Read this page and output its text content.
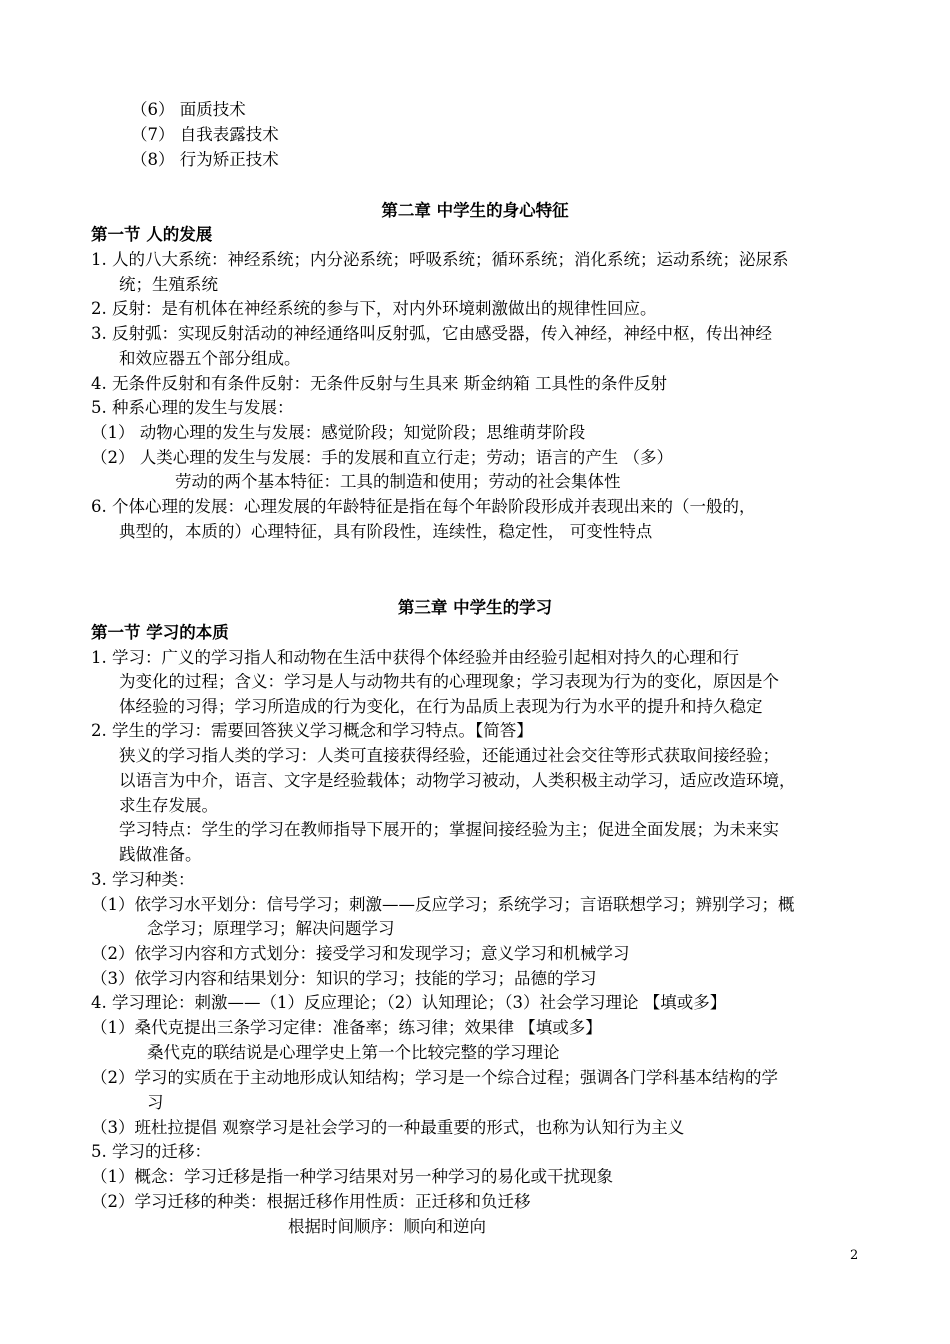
（6） 面质技术
（7） 自我表露技术
（8） 行为矫正技术
第二章 中学生的身心特征
第一节 人的发展
1. 人的八大系统：神经系统；内分泌系统；呼吸系统；循环系统；消化系统；运动系统；泌尿系
统；生殖系统
2. 反射：是有机体在神经系统的参与下，对内外环境刺激做出的规律性回应。
3. 反射弧：实现反射活动的神经通络叫反射弧，它由感受器，传入神经，神经中枢，传出神经
和效应器五个部分组成。
4. 无条件反射和有条件反射：无条件反射与生具来 斯金纳箱 工具性的条件反射
5. 种系心理的发生与发展：
（1） 动物心理的发生与发展：感觉阶段；知觉阶段；思维萌芽阶段
（2） 人类心理的发生与发展：手的发展和直立行走；劳动；语言的产生 （多）
劳动的两个基本特征：工具的制造和使用；劳动的社会集体性
6. 个体心理的发展：心理发展的年龄特征是指在每个年龄阶段形成并表现出来的（一般的，
典型的，本质的）心理特征，具有阶段性，连续性，稳定性， 可变性特点
第三章 中学生的学习
第一节 学习的本质
1. 学习：广义的学习指人和动物在生活中获得个体经验并由经验引起相对持久的心理和行
为变化的过程；含义：学习是人与动物共有的心理现象；学习表现为行为的变化，原因是个
体经验的习得；学习所造成的行为变化，在行为品质上表现为行为水平的提升和持久稳定
2. 学生的学习：需要回答狭义学习概念和学习特点。【简答】
狭义的学习指人类的学习：人类可直接获得经验，还能通过社会交往等形式获取间接经验；
以语言为中介，语言、文字是经验载体；动物学习被动，人类积极主动学习，适应改造环境，
求生存发展。
学习特点：学生的学习在教师指导下展开的；掌握间接经验为主；促进全面发展；为未来实
践做准备。
3. 学习种类：
（1）依学习水平划分：信号学习；刺激——反应学习；系统学习；言语联想学习；辨别学习；概
念学习；原理学习；解决问题学习
（2）依学习内容和方式划分：接受学习和发现学习；意义学习和机械学习
（3）依学习内容和结果划分：知识的学习；技能的学习；品德的学习
4. 学习理论：刺激——（1）反应理论；（2）认知理论；（3）社会学习理论 【填或多】
（1）桑代克提出三条学习定律：准备率；练习律；效果律 【填或多】
桑代克的联结说是心理学史上第一个比较完整的学习理论
（2）学习的实质在于主动地形成认知结构；学习是一个综合过程；强调各门学科基本结构的学
习
（3）班杜拉提倡 观察学习是社会学习的一种最重要的形式，也称为认知行为主义
5. 学习的迁移：
（1）概念：学习迁移是指一种学习结果对另一种学习的易化或干扰现象
（2）学习迁移的种类：根据迁移作用性质：正迁移和负迁移
根据时间顺序：顺向和逆向
2
